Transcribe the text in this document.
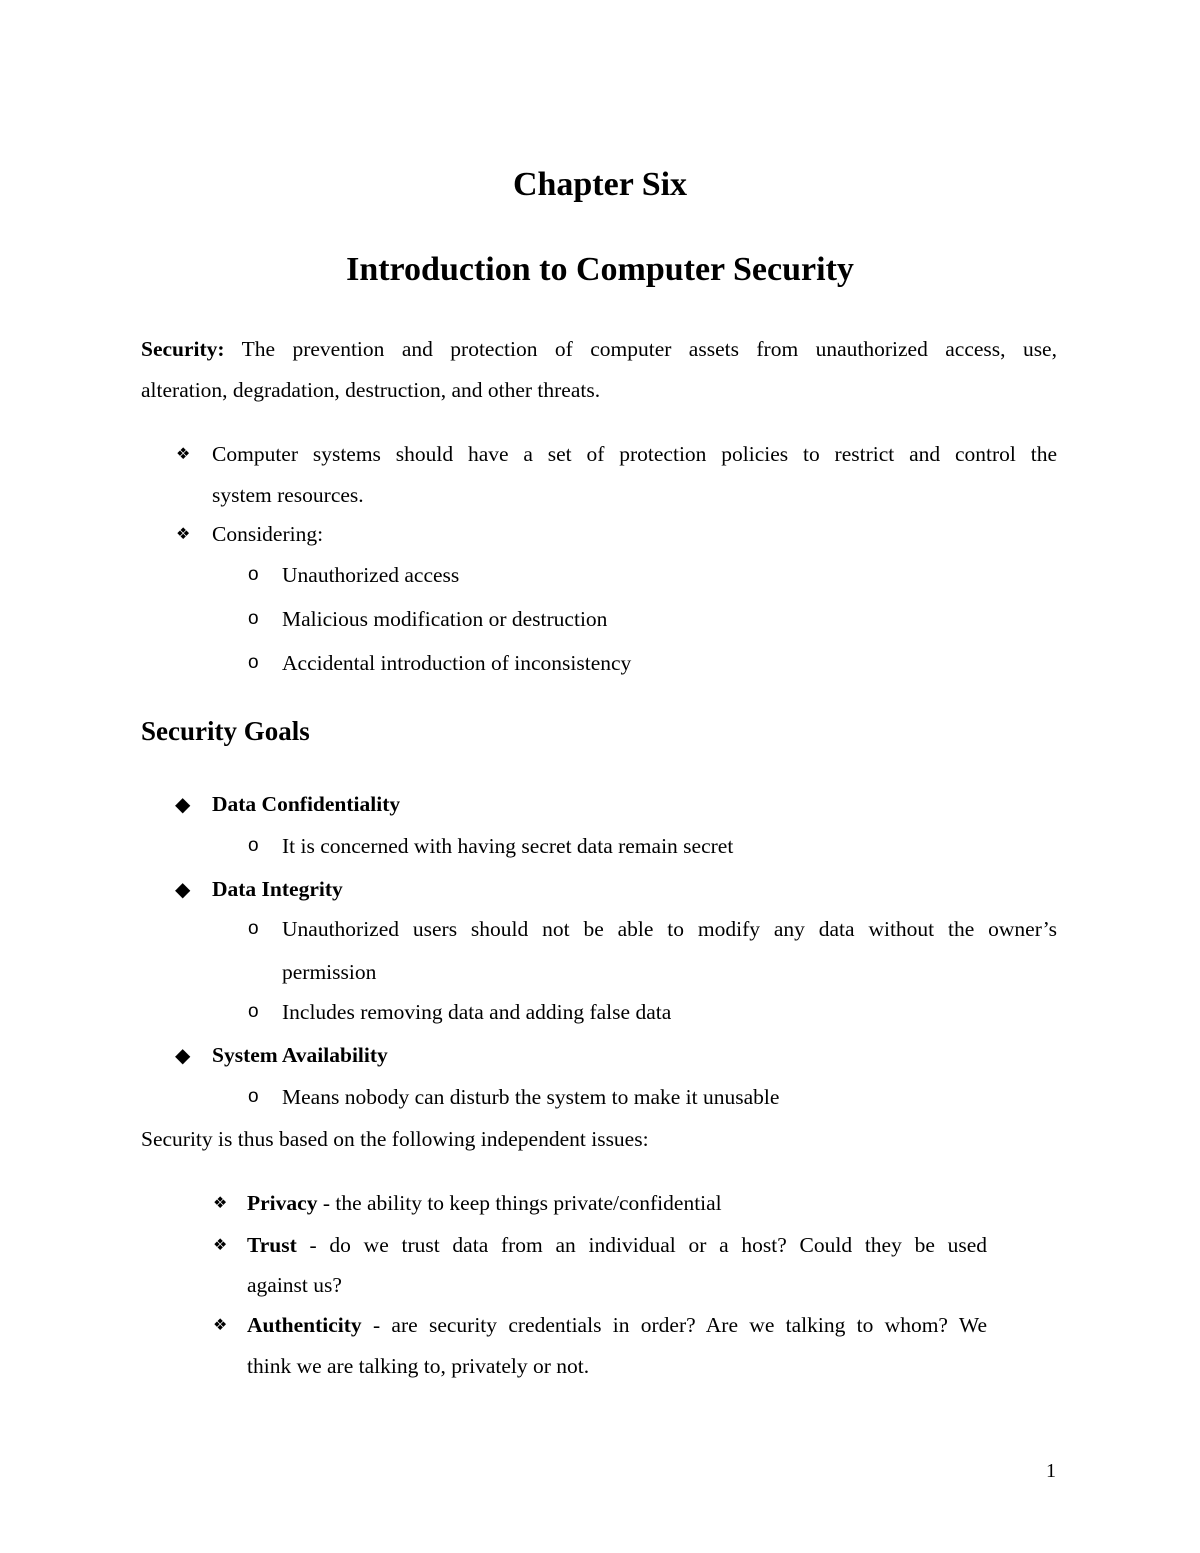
Chapter Six
Introduction to Computer Security
Security: The prevention and protection of computer assets from unauthorized access, use,
alteration, degradation, destruction, and other threats.
❖ Computer systems should have a set of protection policies to restrict and control the
system resources.
❖ Considering:
o Unauthorized access
o Malicious modification or destruction
o Accidental introduction of inconsistency
Security Goals
◆ Data Confidentiality
o It is concerned with having secret data remain secret
◆ Data Integrity
o Unauthorized users should not be able to modify any data without the owner’s
permission
o Includes removing data and adding false data
◆ System Availability
o Means nobody can disturb the system to make it unusable
Security is thus based on the following independent issues:
❖ Privacy - the ability to keep things private/confidential
❖ Trust - do we trust data from an individual or a host? Could they be used
against us?
❖ Authenticity - are security credentials in order? Are we talking to whom? We
think we are talking to, privately or not.
1
